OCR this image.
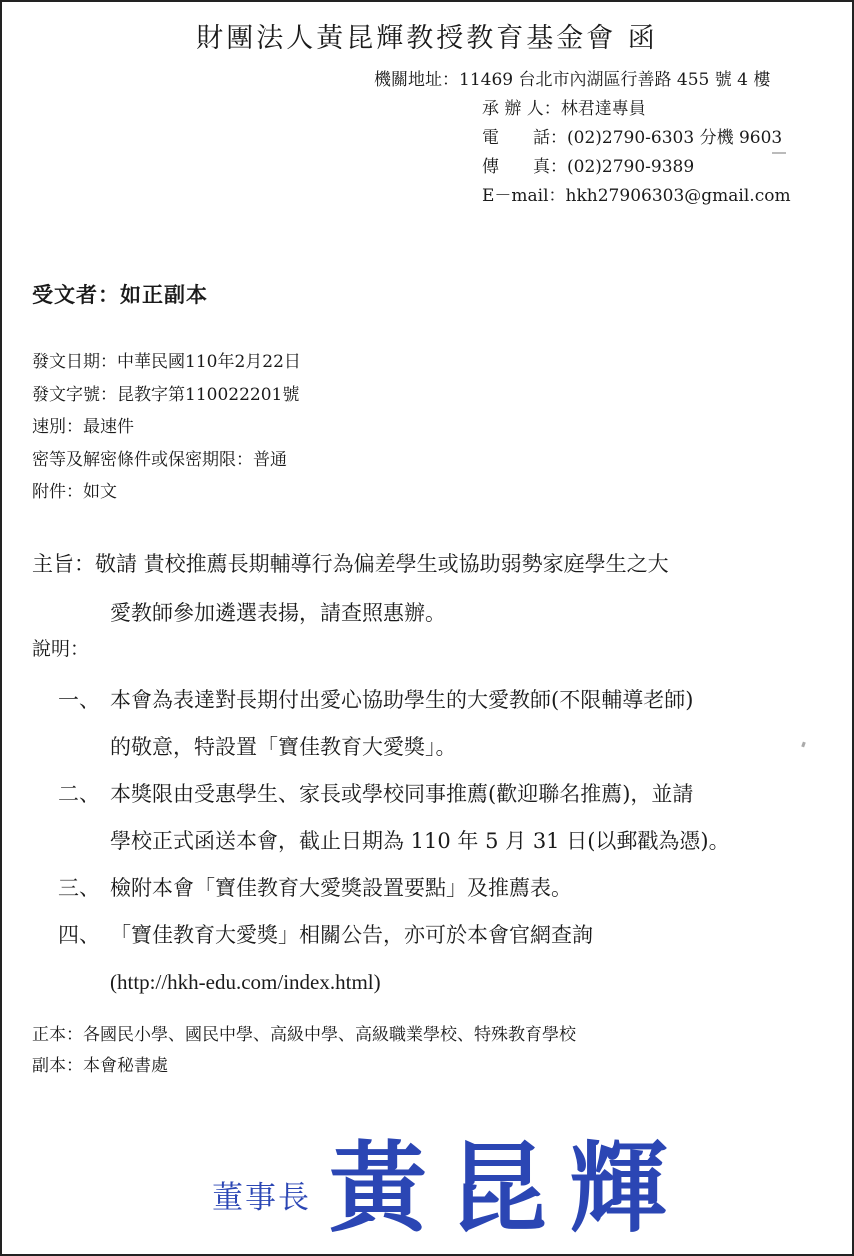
財團法人黃昆輝教授教育基金會 函
機關地址： 11469 台北市內湖區行善路 455 號 4 樓
承 辦 人： 林君達專員
電　　話： (02)2790-6303 分機 9603
傳　　真： (02)2790-9389
E－mail： hkh27906303@gmail.com
受文者：如正副本
發文日期：中華民國110年2月22日
發文字號：昆教字第110022201號
速別：最速件
密等及解密條件或保密期限：普通
附件：如文
主旨： 敬請 貴校推薦長期輔導行為偏差學生或協助弱勢家庭學生之大
愛教師參加遴選表揚，請查照惠辦。
說明：
一、 本會為表達對長期付出愛心協助學生的大愛教師(不限輔導老師)
的敬意，特設置「寶佳教育大愛獎」。
二、 本獎限由受惠學生、家長或學校同事推薦(歡迎聯名推薦)，並請
學校正式函送本會，截止日期為 110 年 5 月 31 日(以郵戳為憑)。
三、 檢附本會「寶佳教育大愛獎設置要點」及推薦表。
四、 「寶佳教育大愛獎」相關公告，亦可於本會官網查詢
(http://hkh-edu.com/index.html)
正本：各國民小學、國民中學、高級中學、高級職業學校、特殊教育學校
副本：本會秘書處
董事長 黃昆輝
